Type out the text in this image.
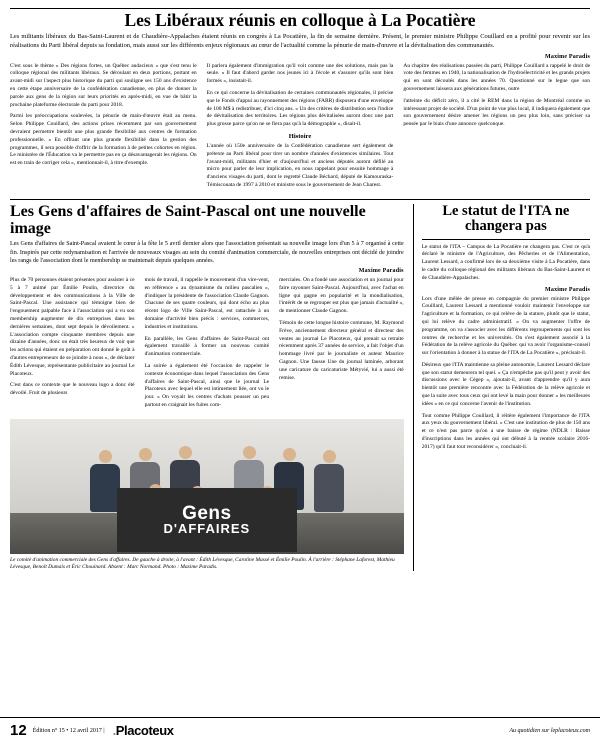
Les Libéraux réunis en colloque à La Pocatière

Les militants libéraux du Bas-Saint-Laurent et de Chaudière-Appalaches étaient réunis en congrès à La Pocatière, la fin de semaine dernière. Présent, le premier ministre Philippe Couillard en a profité pour revenir sur les réalisations du Parti libéral depuis sa fondation, mais aussi sur les différents enjeux régionaux au cœur de l'actualité comme la pénurie de main-d'œuvre et la dévitalisation des communautés.

Maxime Paradis

C'est sous le thème « Des régions fortes, un Québec audacieux » que s'est tenu le colloque régional des militants libéraux. Se déroulant en deux portions, portant en avant-midi sur l'aspect plus historique du parti qui souligne ses 150 ans d'existence en cette étape anniversaire de la confédération canadienne, en plus de donner la parole aux gens de la région sur leurs priorités en après-midi, en vue de bâtir la prochaine plateforme électorale du parti pour 2018.

Parmi les préoccupations soulevées, la pénurie de main-d'œuvre était au menu. Selon Philippe Couillard, des actions prises récemment par son gouvernement devraient permettre bientôt une plus grande flexibilité aux centres de formation professionnelle. « En offrant une plus grande flexibilité dans la gestion des programmes, il sera possible d'offrir de la formation à de petites cohortes en région. Le ministère de l'Éducation va le permettre pas en ça désavantagerait les régions. On est en train de corriger cela », mentionnait-il, à titre d'exemple.

Il parlera également d'immigration qu'il voit comme une des solutions, mais pas la seule. « Il faut d'abord garder nos jeunes ici à l'école et s'assurer qu'ils sont bien formés », insistait-il.

En ce qui concerne la dévitalisation de certaines communautés régionales, il précise que le Fonds d'appui au rayonnement des régions (FARR) disposera d'une enveloppe de 100 M$ à redistribuer, d'ici cinq ans. « Un des critères de distribution sera l'indice de dévitalisation des territoires. Les régions plus dévitalisées auront donc une part plus grosse parce qu'on ne se fiera pas qu'à la démographie », disait-il.

Histoire

L'année où 150e anniversaire de la Confédération canadienne sert également de prétexte au Parti libéral pour tirer un nombre d'années d'existences similaires. Tout l'avant-midi, militants d'hier et d'aujourd'hui et anciens députés auront défilé au micro pour parler de leur implication, en nous rappelant pour ensuite hommage à d'anciens visages du parti, dont le regretté Claude Béchard, député de Kamouraska-Témiscouata de 1997 à 2010 et ministre sous le gouvernement de Jean Charest.

Au chapitre des réalisations passées du parti, Philippe Couillard a rappelé le droit de vote des femmes en 1940, la nationalisation de l'hydroélectricité et les grands projets qui en sont découlés dans les années 70. Questionné sur le legue que son gouvernement laissera aux générations futures, outre

l'atteinte du déficit zéro, il a cité le REM dans la région de Montréal comme un intéressant projet de société. D'un point de vue plus local, il indiquera également que son gouvernement désire amener les régions un peu plus loin, sans préciser sa pensée par le biais d'une annonce quelconque.

Les Gens d'affaires de Saint-Pascal ont une nouvelle image

Les Gens d'affaires de Saint-Pascal avaient le cœur à la fête le 5 avril dernier alors que l'association présentait sa nouvelle image lors d'un 5 à 7 organisé à cette fin. Inspirés par cette redynamisation et l'arrivée de nouveaux visages au sein du comité d'animation commerciale, de nouvelles entreprises ont décidé de joindre les rangs de l'association dont le membership se maintenait depuis quelques années.

Maxime Paradis

Plus de 70 personnes étaient présentes pour assister à ce 5 à 7 animé par Émilie Poulin, directrice du développement et des communications à la Ville de Saint-Pascal. Une assistance qui témoigne bien de l'engouement palpable face à l'association qui a vu son membership augmenter de dix entreprises dans les dernières semaines, dont sept depuis le dévoilement. « L'association compte cinquante membres depuis une dizaine d'années, donc on était très heureux de voir que les actions qui étaient en préparation ont donné le goût à d'autres entrepreneurs de se joindre à nous », de déclarer Édith Lévesque, représentante publicitaire au journal Le Placoteux.

C'est dans ce contexte que le nouveau logo a donc été dévoilé. Fruit de plusieurs

mois de travail, il rappelle le mouvement d'un vire-vent, en référence « au dynamisme du milieu pascalien », d'indiquer la présidente de l'association Claude Gagnon. Chacune de ses quatre couleurs, qui dont écho au plus récent logo de Ville Saint-Pascal, est rattachée à un domaine d'activité bien précis : services, commerces, industries et institutions.

En parallèle, les Gens d'affaires de Saint-Pascal ont également travaillé à former un nouveau comité d'animation commerciale.

La soirée a également été l'occasion de rappeler le contexte économique dans lequel l'association des Gens d'affaires de Saint-Pascal, ainsi que le journal Le Placoteux avec lequel elle est intimement liée, ont vu le jour. « On voyait les centres d'achats pousser un peu partout en craignait les fuites com-

merciales. On a fondé une association et un journal pour faire rayonner Saint-Pascal. Aujourd'hui, avec l'achat en ligne qui gagne en popularité et la mondialisation, l'intérêt de se regrouper est plus que jamais d'actualité », de mentionner Claude Gagnon.

Témoin de cette longue histoire commune, M. Raymond Frève, anciennement directeur général et directeur des ventes au journal Le Placoteux, qui prenait sa retraite récemment après 37 années de service, a fait l'objet d'un hommage livré par le journaliste et auteur Maurice Gagnon. Une fausse Une du journal laminée, arborant une caricature du caricaturiste Métyvié, lui a aussi été remise.

Gens
D'AFFAIRES

Le comité d'animation commerciale des Gens d'affaires. De gauche à droite, à l'avant : Édith Lévesque, Caroline Massé et Émilie Poulin. À l'arrière : Stéphane Laforest, Mathieu Lévesque, Benoît Dumais et Éric Chouinard. Absent : Marc Normand. Photo : Maxime Paradis.

Le statut de l'ITA ne changera pas

Le statut de l'ITA – Campus de La Pocatière ne changera pas. C'est ce qu'a déclaré le ministre de l'Agriculture, des Pêcheries et de l'Alimentation, Laurent Lessard, a confirmé lors de sa deuxième visite à La Pocatière, dans le cadre du colloque régional des militants libéraux du Bas-Saint-Laurent et de Chaudière-Appalaches.

Maxime Paradis

Lors d'une mêlée de presse en compagnie du premier ministre Philippe Couillard, Laurent Lessard a mentionné vouloir maintenir l'enveloppe sur l'agriculture et la formation, ce qui relève de la stature, plutôt que le statut, qui lui relève du cadre administratif. « On va augmenter l'offre de programme, on va s'associer avec les différents regroupements qui sont les centres de recherche et les universités. On s'est également associé à la Fédération de la relève agricole du Québec qui va avoir l'organisme-conseil sur l'orientation à donner à la statue de l'ITA de La Pocatière », précisait-il.

Désireux que l'ITA maintienne sa pleine autonomie, Laurent Lessard déclare que son statut demeurera tel quel. « Ça n'empêche pas qu'il peut y avoir des discussions avec le Cégep », ajoutait-il, avant d'apprendre qu'il y aura bientôt une première rencontre avec la Fédération de la relève agricole et que la suite avec tous ceux qui ont levé la main pour donner « les meilleures idées » en ce qui concerne l'avenir de l'institution.

Tout comme Philippe Couillard, il réitère également l'importance de l'ITA aux yeux du gouvernement libéral. « C'est une institution de plus de 150 ans et ce n'est pas parce qu'on a une baisse de régime (NDLR : Baisse d'inscriptions dans les années qui ont débuté à la rentrée scolaire 2016-2017) qu'il faut tout reconsidérer », concluait-il.

12 Édition n° 15 • 12 avril 2017 | .Placoteux	Au quotidien sur leplacoteux.com
